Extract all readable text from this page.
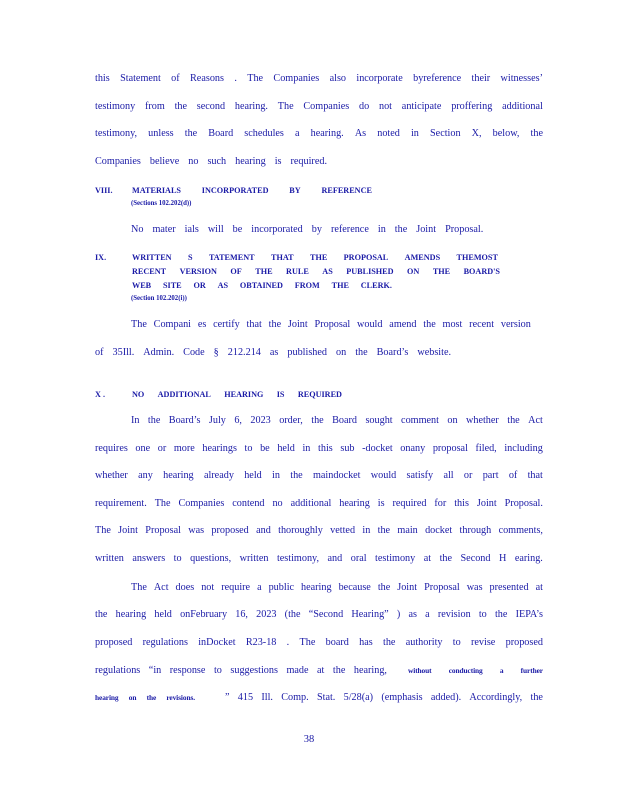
this Statement of Reasons . The Companies also incorporate byreference their witnesses’
testimony from the second hearing. The Companies do not anticipate proffering additional
testimony, unless the Board schedules a hearing. As noted in Section X, below, the
Companies believe no such hearing is required.
VIII. MATERIALS	INCORPORATED	BY	REFERENCE
(Sections 102.202(d))
No mater ials will be incorporated by reference in the Joint Proposal.
IX.	WRITTEN S TATEMENT THAT THE PROPOSAL AMENDS THEMOST
RECENT VERSION OF THE RULE AS PUBLISHED ON THE BOARD'S
WEB SITE OR AS OBTAINED FROM THE CLERK.
(Section 102.202(i))
The Compani es certify that the Joint Proposal would amend the most recent version
of 35Ill. Admin. Code § 212.214 as published on the Board’s website.
X .	NO ADDITIONAL HEARING IS REQUIRED
In the Board’s July 6, 2023 order, the Board sought comment on whether the Act
requires one or more hearings to be held in this sub -docket onany proposal filed, including
whether any hearing already held in the maindocket would satisfy all or part of that
requirement. The Companies contend no additional hearing is required for this Joint Proposal.
The Joint Proposal was proposed and thoroughly vetted in the main docket through comments,
written answers to questions, written testimony, and oral testimony at the Second H earing.
The Act does not require a public hearing because the Joint Proposal was presented at
the hearing held onFebruary 16, 2023 (the “Second Hearing” ) as a revision to the IEPA’s
proposed regulations inDocket R23-18 . The board has the authority to revise proposed
regulations “in response to suggestions made at the hearing,	without conducting a further
hearing on the revisions.	” 415 Ill. Comp. Stat. 5/28(a) (emphasis added). Accordingly, the
38
